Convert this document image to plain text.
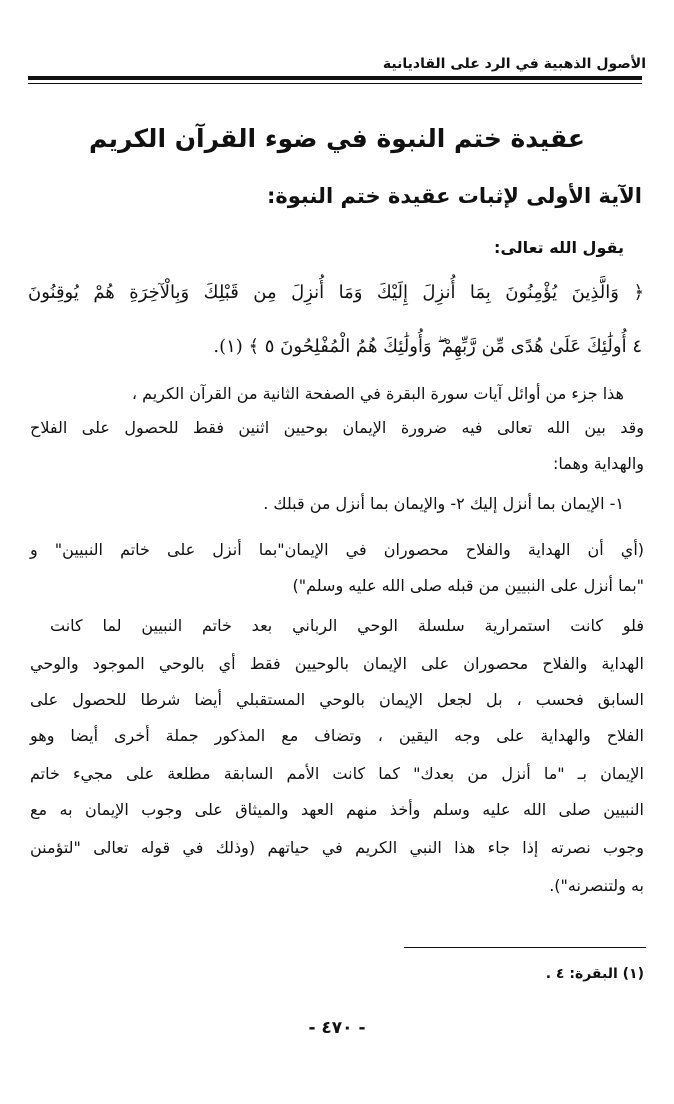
الأصول الذهبية في الرد على القاديانية
عقيدة ختم النبوة في ضوء القرآن الكريم
الآية الأولى لإثبات عقيدة ختم النبوة:
يقول الله تعالى:
﴿ وَالَّذِينَ يُؤْمِنُونَ بِمَا أُنزِلَ إِلَيْكَ وَمَا أُنزِلَ مِن قَبْلِكَ وَبِالْآخِرَةِ هُمْ يُوقِنُونَ
٤ أُولَٰئِكَ عَلَىٰ هُدًى مِّن رَّبِّهِمْ ۖ وَأُولَٰئِكَ هُمُ الْمُفْلِحُونَ ٥ ﴾ (١).
هذا جزء من أوائل آيات سورة البقرة في الصفحة الثانية من القرآن الكريم ،
وقد بين الله تعالى فيه ضرورة الإيمان بوحيين اثنين فقط للحصول على الفلاح
والهداية وهما:
١- الإيمان بما أنزل إليك ٢- والإيمان بما أنزل من قبلك .
(أي أن الهداية والفلاح محصوران في الإيمان"بما أنزل على خاتم النبيين" و
"بما أنزل على النبيين من قبله صلى الله عليه وسلم")
فلو كانت استمرارية سلسلة الوحي الرباني بعد خاتم النبيين لما كانت
الهداية والفلاح محصوران على الإيمان بالوحيين فقط أي بالوحي الموجود والوحي
السابق فحسب ، بل لجعل الإيمان بالوحي المستقبلي أيضا شرطا للحصول على
الفلاح والهداية على وجه اليقين ، وتضاف مع المذكور جملة أخرى أيضا وهو
الإيمان بـ "ما أنزل من بعدك" كما كانت الأمم السابقة مطلعة على مجيء خاتم
النبيين صلى الله عليه وسلم وأخذ منهم العهد والميثاق على وجوب الإيمان به مع
وجوب نصرته إذا جاء هذا النبي الكريم في حياتهم (وذلك في قوله تعالى "لتؤمنن
به ولتنصرنه").
(١) البقرة: ٤ .
- ٤٧٠ -
